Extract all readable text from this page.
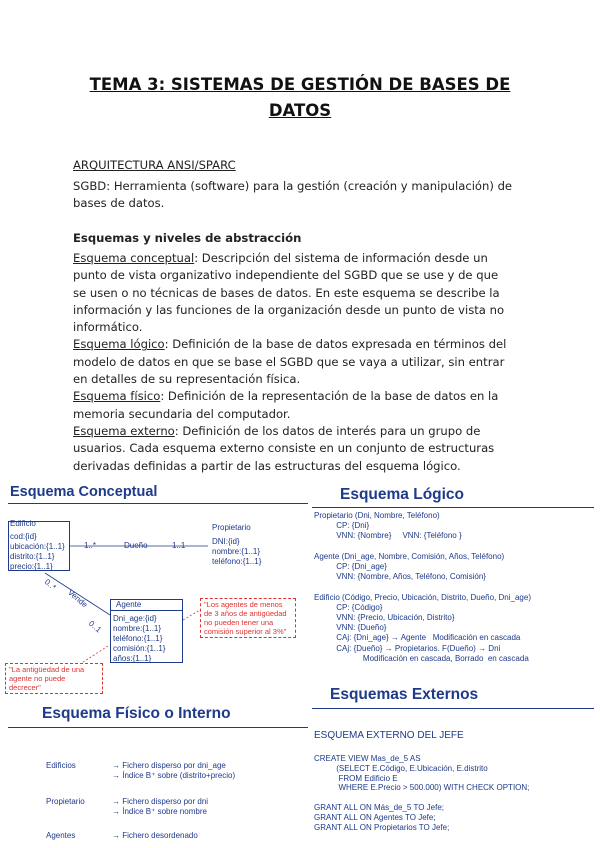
TEMA 3: SISTEMAS DE GESTIÓN DE BASES DE
DATOS
ARQUITECTURA ANSI/SPARC
SGBD: Herramienta (software) para la gestión (creación y manipulación) de
bases de datos.
Esquemas y niveles de abstracción
Esquema conceptual: Descripción del sistema de información desde un
punto de vista organizativo independiente del SGBD que se use y de que
se usen o no técnicas de bases de datos. En este esquema se describe la
información y las funciones de la organización desde un punto de vista no
informático.
Esquema lógico: Definición de la base de datos expresada en términos del
modelo de datos en que se base el SGBD que se vaya a utilizar, sin entrar
en detalles de su representación física.
Esquema físico: Definición de la representación de la base de datos en la
memoria secundaria del computador.
Esquema externo: Definición de los datos de interés para un grupo de
usuarios. Cada esquema externo consiste en un conjunto de estructuras
derivadas definidas a partir de las estructuras del esquema lógico.
Esquema Conceptual
Edificio
cod:{id}
ubicación:{1..1}
distrito:{1..1}
precio:{1..1}
Propietario
DNI:{id}
nombre:{1..1}
teléfono:{1..1}
1..*	Dueño	1..1
0..*
Vende
0..1
Agente
Dni_age:{id}
nombre:{1..1}
teléfono:{1..1}
comisión:{1..1}
años:{1..1}
"Los agentes de menos
de 3 años de antigüedad
no pueden tener una
comisión superior al 3%"
"La antigüedad de una
agente no puede decrecer"
Esquema Lógico
Propietario (Dni, Nombre, Teléfono)
CP: {Dni}
VNN: {Nombre}     VNN: {Teléfono }

Agente (Dni_age, Nombre, Comisión, Años, Teléfono)
CP: {Dni_age}
VNN: {Nombre, Años, Teléfono, Comisión}

Edificio (Código, Precio, Ubicación, Distrito, Dueño, Dni_age)
CP: {Código}
VNN: {Precio, Ubicación, Distrito}
VNN: {Dueño}
CAj: {Dni_age} → Agente   Modificación en cascada
CAj: {Dueño} → Propietarios. F(Dueño) → Dni
Modificación en cascada, Borrado  en cascada
Esquemas Externos
ESQUEMA EXTERNO DEL JEFE
CREATE VIEW Mas_de_5 AS
(SELECT E.Código, E.Ubicación, E.distrito
FROM Edificio E
WHERE E.Precio > 500.000) WITH CHECK OPTION;

GRANT ALL ON Más_de_5 TO Jefe;
GRANT ALL ON Agentes TO Jefe;
GRANT ALL ON Propietarios TO Jefe;
Esquema Físico o Interno
Edificios	→ Fichero disperso por dni_age
→ Índice B⁺ sobre (distrito+precio)
Propietario	→ Fichero disperso por dni
→ Índice B⁺ sobre nombre
Agentes	→ Fichero desordenado
